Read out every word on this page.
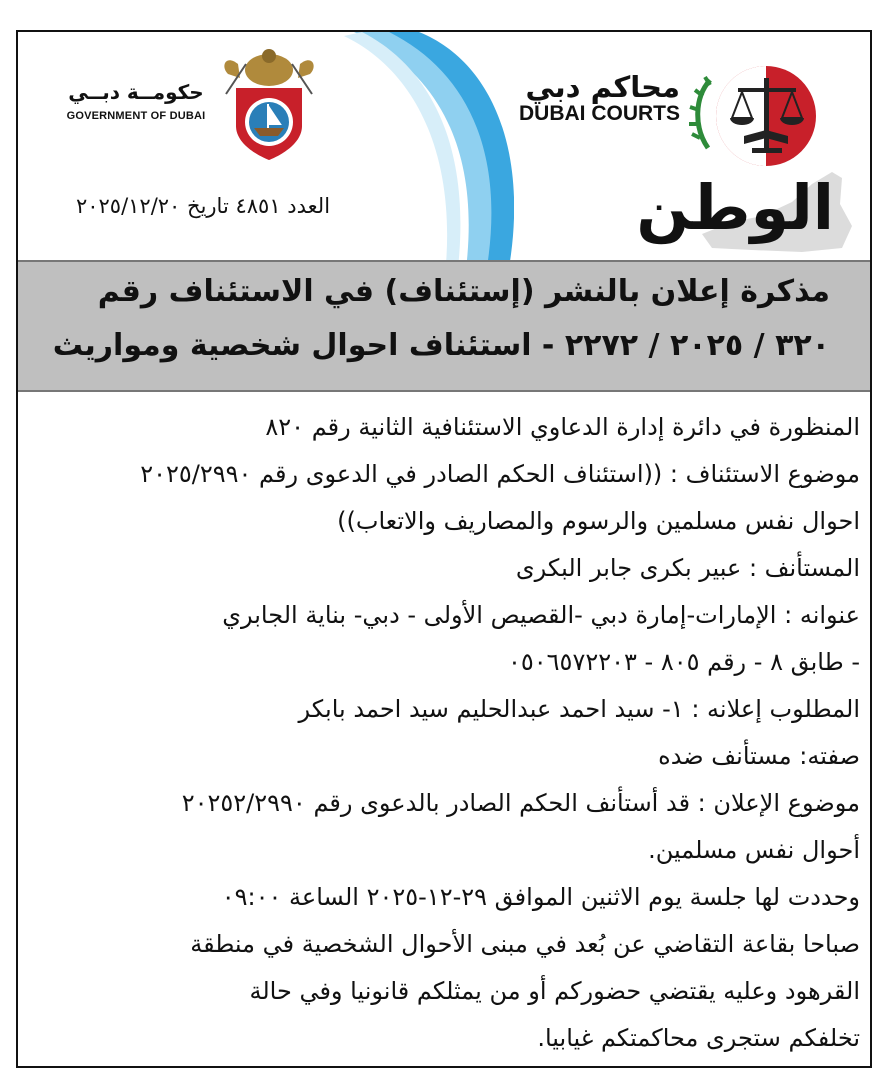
محاكم دبي
DUBAI COURTS
حكومــة دبــي
GOVERNMENT OF DUBAI
الوطن
العدد ٤٨٥١ تاريخ ٢٠٢٥/١٢/٢٠
مذكرة إعلان بالنشر (إستئناف) في الاستئناف رقم
٣٢٠ / ٢٠٢٥ / ٢٢٧٢ - استئناف احوال شخصية ومواريث
المنظورة في دائرة إدارة الدعاوي الاستئنافية الثانية رقم ٨٢٠
موضوع الاستئناف : ((استئناف الحكم الصادر في الدعوى رقم ٢٠٢٥/٢٩٩٠
احوال نفس مسلمين والرسوم والمصاريف والاتعاب))
المستأنف : عبير بكرى جابر البكرى
عنوانه : الإمارات-إمارة دبي -القصيص الأولى - دبي- بناية الجابري
- طابق ٨ - رقم ٨٠٥ - ٠٥٠٦٥٧٢٢٠٣
المطلوب إعلانه : ١- سيد احمد عبدالحليم سيد احمد بابكر
صفته: مستأنف ضده
موضوع الإعلان : قد أستأنف الحكم الصادر بالدعوى رقم ٢٠٢٥٢/٢٩٩٠
أحوال نفس مسلمين.
وحددت لها جلسة يوم الاثنين الموافق ٢٩-١٢-٢٠٢٥ الساعة ٠٩:٠٠
صباحا بقاعة التقاضي عن بُعد في مبنى الأحوال الشخصية في منطقة
القرهود وعليه يقتضي حضوركم أو من يمثلكم قانونيا وفي حالة
تخلفكم ستجرى محاكمتكم غيابيا.
